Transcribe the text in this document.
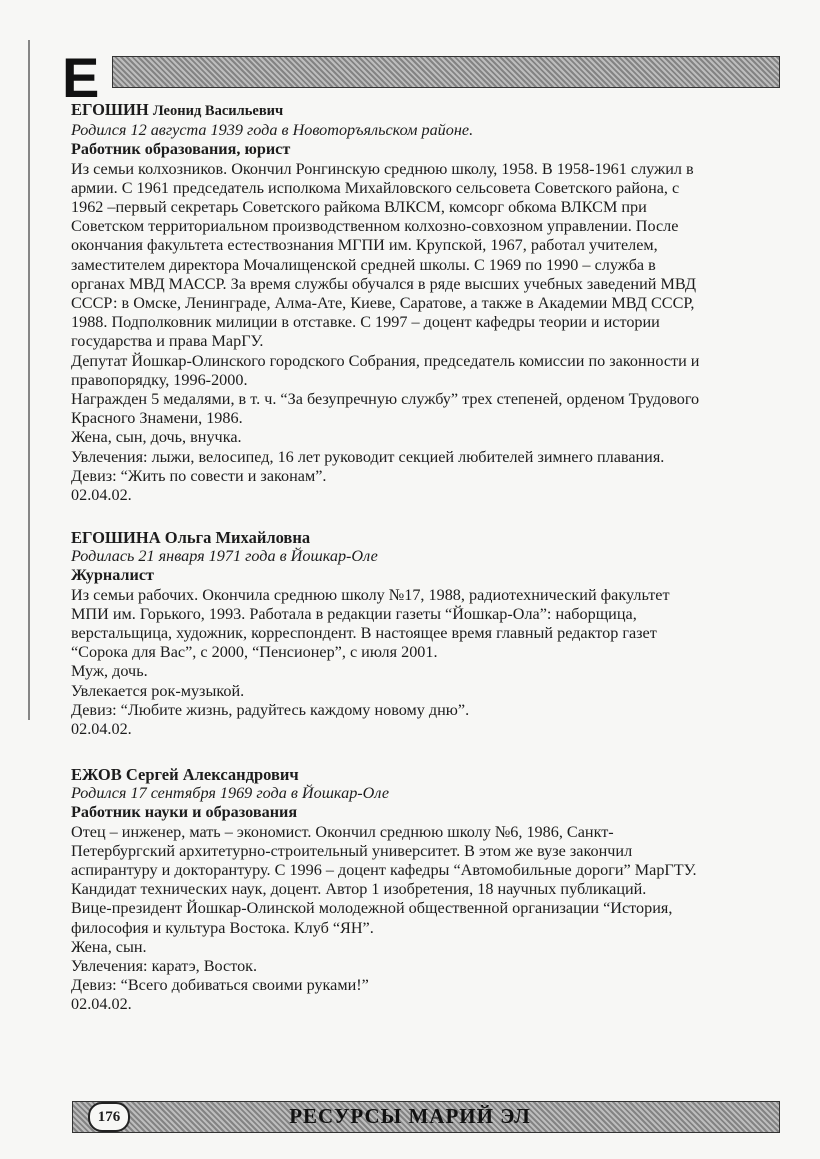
Е

ЕГОШИН Леонид Васильевич

Родился 12 августа 1939 года в Новоторъяльском районе.

Работник образования, юрист

Из семьи колхозников. Окончил Ронгинскую среднюю школу, 1958. В 1958-1961 служил в

армии. С 1961 председатель исполкома Михайловского сельсовета Советского района, с

1962 –первый секретарь Советского райкома ВЛКСМ, комсорг обкома ВЛКСМ при

Советском территориальном производственном колхозно-совхозном управлении. После

окончания факультета естествознания МГПИ им. Крупской, 1967, работал учителем,

заместителем директора Мочалищенской средней школы. С 1969 по 1990 – служба в

органах МВД МАССР. За время службы обучался в ряде высших учебных заведений МВД

СССР: в Омске, Ленинграде, Алма-Ате, Киеве, Саратове, а также в Академии МВД СССР,

1988. Подполковник милиции в отставке. С 1997 – доцент кафедры теории и истории

государства и права МарГУ.

Депутат Йошкар-Олинского городского Собрания, председатель комиссии по законности и

правопорядку, 1996-2000.

Награжден 5 медалями, в т. ч. “За безупречную службу” трех степеней, орденом Трудового

Красного Знамени, 1986.

Жена, сын, дочь, внучка.

Увлечения: лыжи, велосипед, 16 лет руководит секцией любителей зимнего плавания.

Девиз: “Жить по совести и законам”.

02.04.02.

ЕГОШИНА Ольга Михайловна

Родилась 21 января 1971 года в Йошкар-Оле

Журналист

Из семьи рабочих. Окончила среднюю школу №17, 1988, радиотехнический факультет

МПИ им. Горького, 1993. Работала в редакции газеты “Йошкар-Ола”: наборщица,

верстальщица, художник, корреспондент. В настоящее время главный редактор газет

“Сорока для Вас”, с 2000, “Пенсионер”, с июля 2001.

Муж, дочь.

Увлекается рок-музыкой.

Девиз: “Любите жизнь, радуйтесь каждому новому дню”.

02.04.02.

ЕЖОВ Сергей Александрович

Родился 17 сентября 1969 года в Йошкар-Оле

Работник науки и образования

Отец – инженер, мать – экономист. Окончил среднюю школу №6, 1986, Санкт-

Петербургский архитетурно-строительный университет. В этом же вузе закончил

аспирантуру и докторантуру. С 1996 – доцент кафедры “Автомобильные дороги” МарГТУ.

Кандидат технических наук, доцент. Автор 1 изобретения, 18 научных публикаций.

Вице-президент Йошкар-Олинской молодежной общественной организации “История,

философия и культура Востока. Клуб “ЯН”.

Жена, сын.

Увлечения: каратэ, Восток.

Девиз: “Всего добиваться своими руками!”

02.04.02.

176	РЕСУРСЫ МАРИЙ ЭЛ
